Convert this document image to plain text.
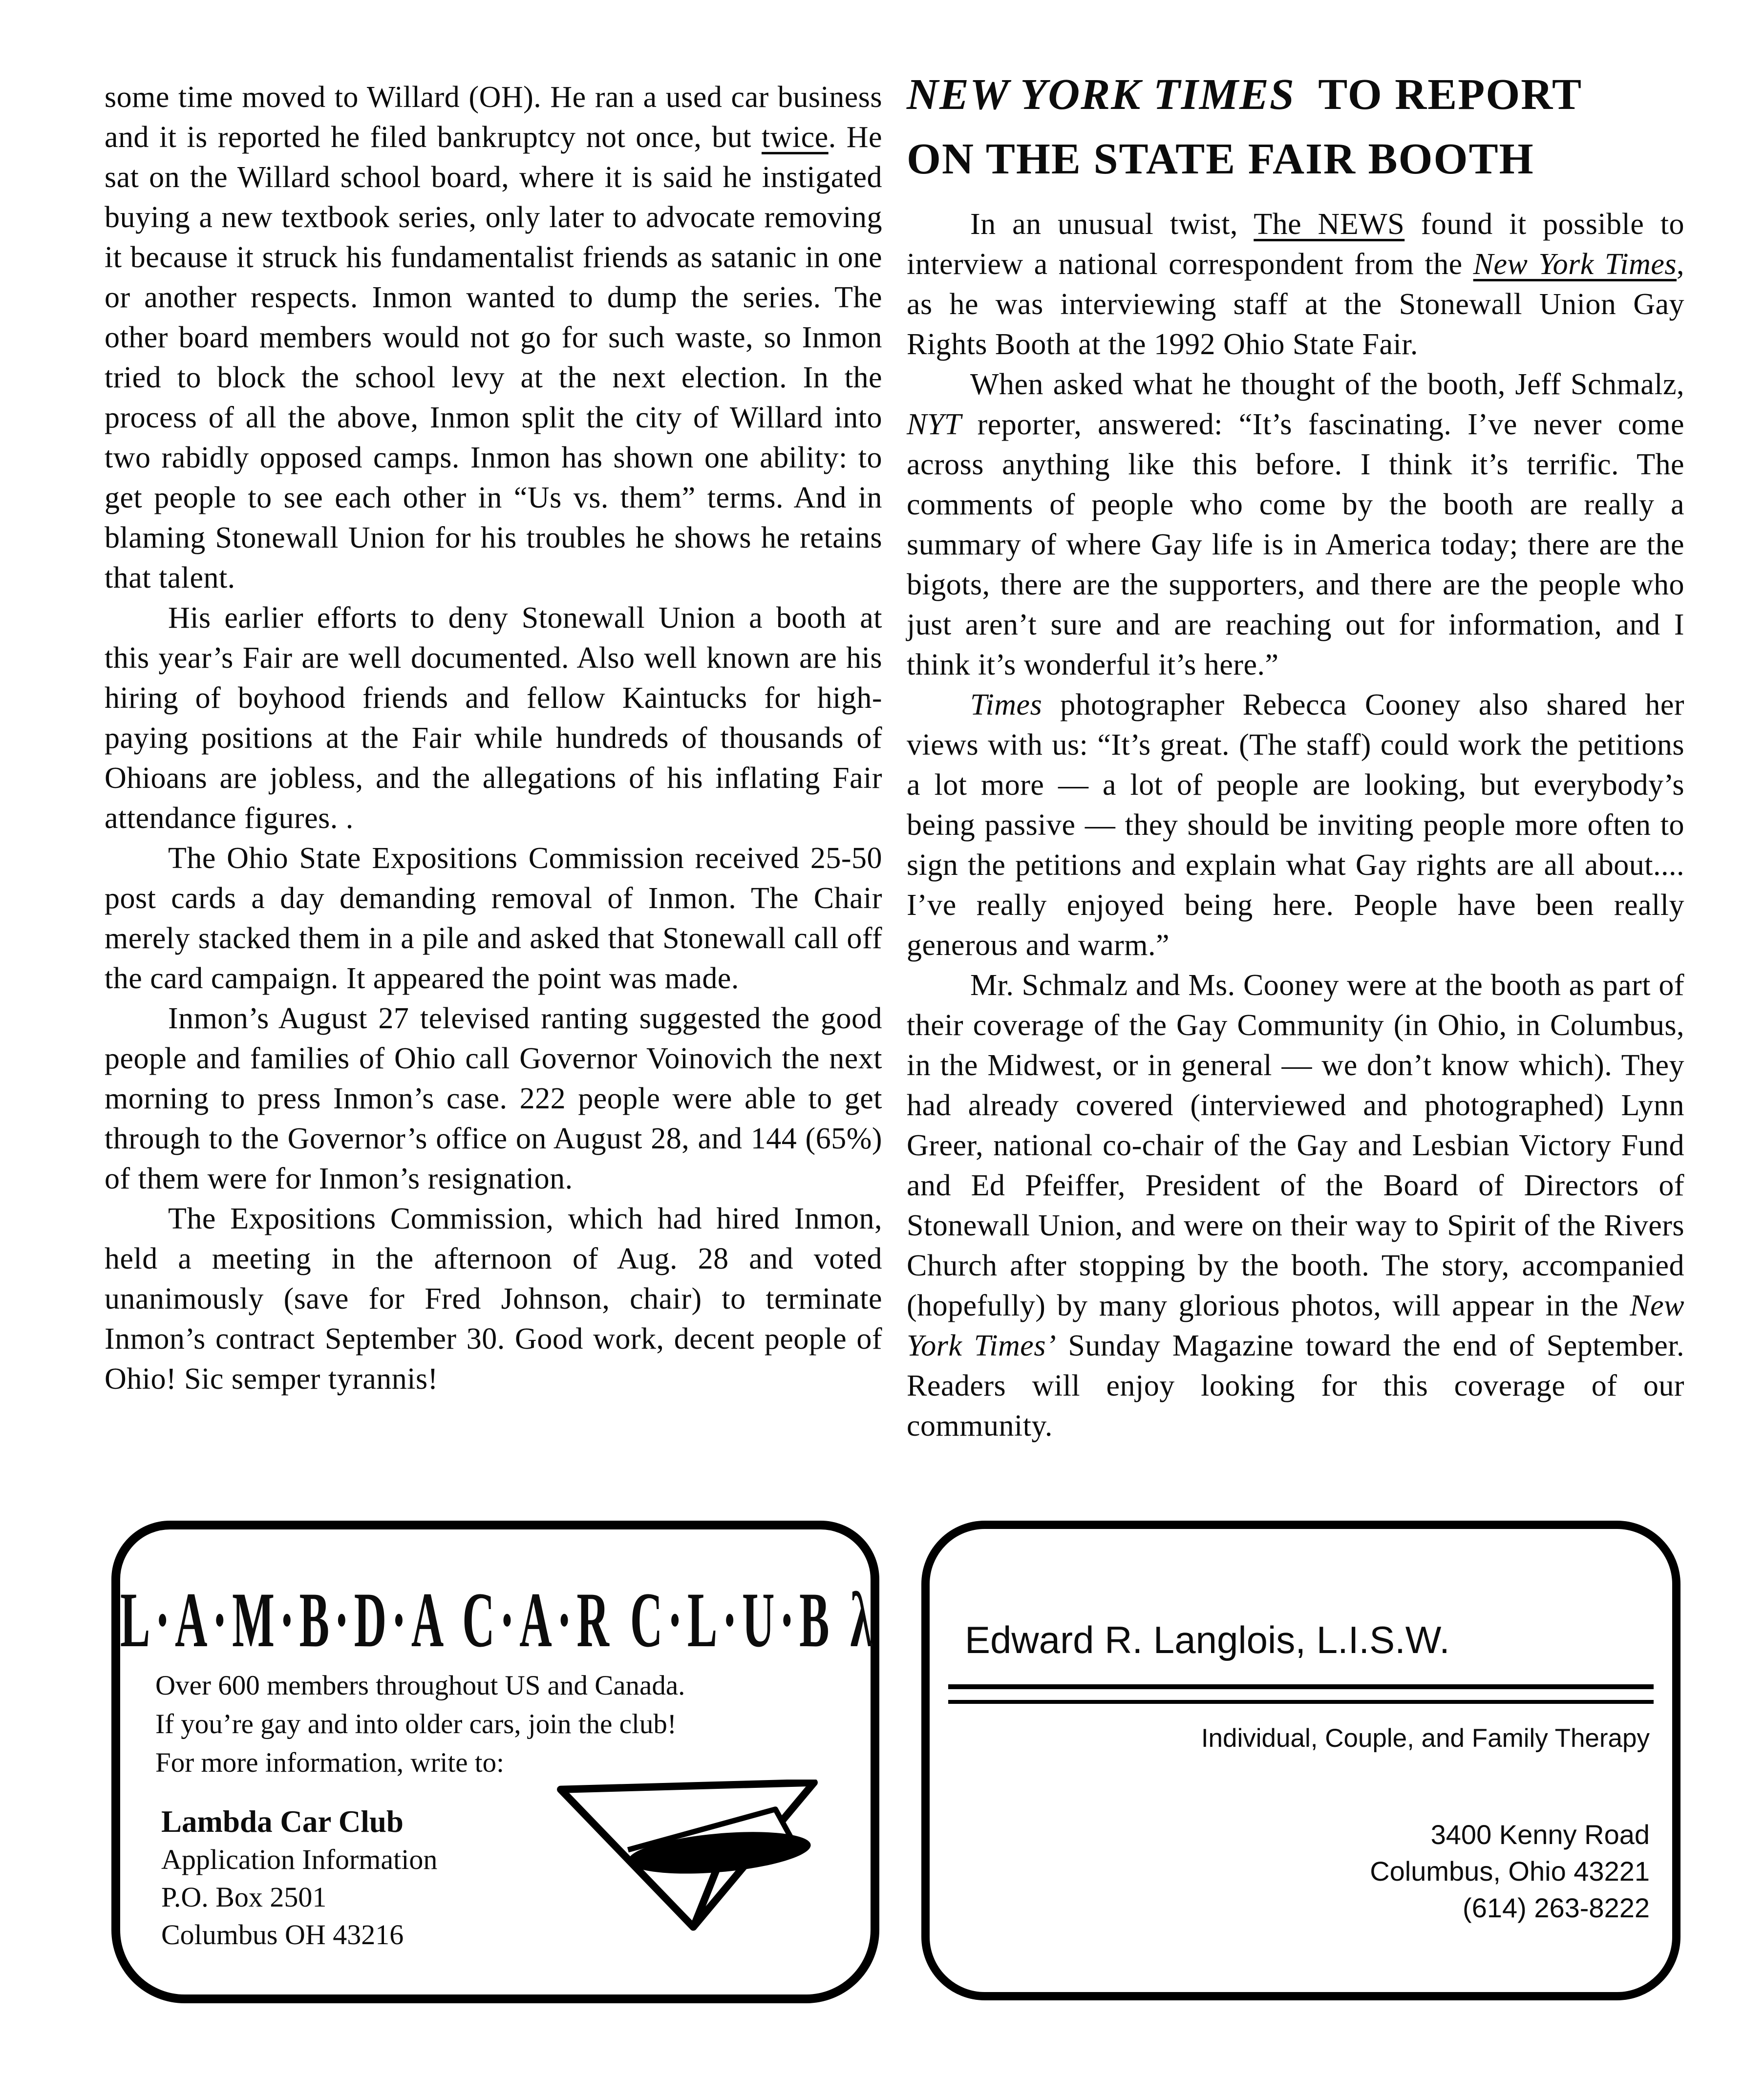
some time moved to Willard (OH). He ran a used car business and it is reported he filed bankruptcy not once, but twice. He sat on the Willard school board, where it is said he instigated buying a new textbook series, only later to advocate removing it because it struck his fundamentalist friends as satanic in one or another respects. Inmon wanted to dump the series. The other board members would not go for such waste, so Inmon tried to block the school levy at the next election. In the process of all the above, Inmon split the city of Willard into two rabidly opposed camps. Inmon has shown one ability: to get people to see each other in “Us vs. them” terms. And in blaming Stonewall Union for his troubles he shows he retains that talent.

His earlier efforts to deny Stonewall Union a booth at this year’s Fair are well documented. Also well known are his hiring of boyhood friends and fellow Kaintucks for high-paying positions at the Fair while hundreds of thousands of Ohioans are jobless, and the allegations of his inflating Fair attendance figures. .

The Ohio State Expositions Commission received 25-50 post cards a day demanding removal of Inmon. The Chair merely stacked them in a pile and asked that Stonewall call off the card campaign. It appeared the point was made.

Inmon’s August 27 televised ranting suggested the good people and families of Ohio call Governor Voinovich the next morning to press Inmon’s case. 222 people were able to get through to the Governor’s office on August 28, and 144 (65%) of them were for Inmon’s resignation.

The Expositions Commission, which had hired Inmon, held a meeting in the afternoon of Aug. 28 and voted unanimously (save for Fred Johnson, chair) to terminate Inmon’s contract September 30. Good work, decent people of Ohio! Sic semper tyrannis!

NEW YORK TIMES  TO REPORT
ON THE STATE FAIR BOOTH

In an unusual twist, The NEWS found it possible to interview a national correspondent from the New York Times, as he was interviewing staff at the Stonewall Union Gay Rights Booth at the 1992 Ohio State Fair.

When asked what he thought of the booth, Jeff Schmalz, NYT reporter, answered: “It’s fascinating. I’ve never come across anything like this before. I think it’s terrific. The comments of people who come by the booth are really a summary of where Gay life is in America today; there are the bigots, there are the supporters, and there are the people who just aren’t sure and are reaching out for information, and I think it’s wonderful it’s here.”

Times photographer Rebecca Cooney also shared her views with us: “It’s great. (The staff) could work the petitions a lot more — a lot of people are looking, but everybody’s being passive — they should be inviting people more often to sign the petitions and explain what Gay rights are all about.... I’ve really enjoyed being here. People have been really generous and warm.”

Mr. Schmalz and Ms. Cooney were at the booth as part of their coverage of the Gay Community (in Ohio, in Columbus, in the Midwest, or in general — we don’t know which). They had already covered (interviewed and photographed) Lynn Greer, national co-chair of the Gay and Lesbian Victory Fund and Ed Pfeiffer, President of the Board of Directors of Stonewall Union, and were on their way to Spirit of the Rivers Church after stopping by the booth. The story, accompanied (hopefully) by many glorious photos, will appear in the New York Times’ Sunday Magazine toward the end of September. Readers will enjoy looking for this coverage of our community.

L·A·M·B·D·A C·A·R C·L·U·B λ

Over 600 members throughout US and Canada.

If you’re gay and into older cars, join the club!

For more information, write to:

Lambda Car Club

Application Information

P.O. Box 2501

Columbus OH 43216

Edward R. Langlois, L.I.S.W.
Individual, Couple, and Family Therapy
3400 Kenny Road
Columbus, Ohio 43221
(614) 263-8222
